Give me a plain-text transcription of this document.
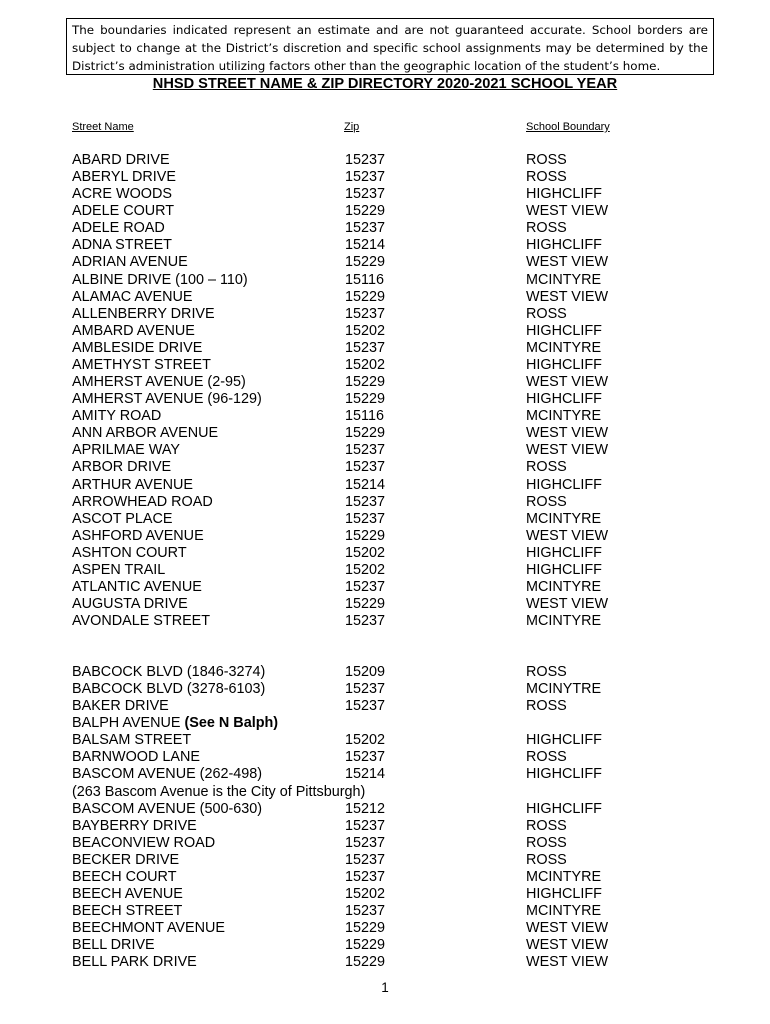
The boundaries indicated represent an estimate and are not guaranteed accurate. School borders are subject to change at the District’s discretion and specific school assignments may be determined by the District’s administration utilizing factors other than the geographic location of the student’s home.
NHSD STREET NAME & ZIP DIRECTORY 2020-2021 SCHOOL YEAR
Street Name	Zip	School Boundary
ABARD DRIVE	15237	ROSS
ABERYL DRIVE	15237	ROSS
ACRE WOODS	15237	HIGHCLIFF
ADELE COURT	15229	WEST VIEW
ADELE ROAD	15237	ROSS
ADNA STREET	15214	HIGHCLIFF
ADRIAN AVENUE	15229	WEST VIEW
ALBINE DRIVE (100 – 110)	15116	MCINTYRE
ALAMAC AVENUE	15229	WEST VIEW
ALLENBERRY DRIVE	15237	ROSS
AMBARD AVENUE	15202	HIGHCLIFF
AMBLESIDE DRIVE	15237	MCINTYRE
AMETHYST STREET	15202	HIGHCLIFF
AMHERST AVENUE (2-95)	15229	WEST VIEW
AMHERST AVENUE (96-129)	15229	HIGHCLIFF
AMITY ROAD	15116	MCINTYRE
ANN ARBOR AVENUE	15229	WEST VIEW
APRILMAE WAY	15237	WEST VIEW
ARBOR DRIVE	15237	ROSS
ARTHUR AVENUE	15214	HIGHCLIFF
ARROWHEAD ROAD	15237	ROSS
ASCOT PLACE	15237	MCINTYRE
ASHFORD AVENUE	15229	WEST VIEW
ASHTON COURT	15202	HIGHCLIFF
ASPEN TRAIL	15202	HIGHCLIFF
ATLANTIC AVENUE	15237	MCINTYRE
AUGUSTA DRIVE	15229	WEST VIEW
AVONDALE STREET	15237	MCINTYRE
BABCOCK BLVD (1846-3274)	15209	ROSS
BABCOCK BLVD (3278-6103)	15237	MCINYTRE
BAKER DRIVE	15237	ROSS
BALPH AVENUE (See N Balph)
BALSAM STREET	15202	HIGHCLIFF
BARNWOOD LANE	15237	ROSS
BASCOM AVENUE (262-498)	15214	HIGHCLIFF
(263 Bascom Avenue is the City of Pittsburgh)
BASCOM AVENUE (500-630)	15212	HIGHCLIFF
BAYBERRY DRIVE	15237	ROSS
BEACONVIEW ROAD	15237	ROSS
BECKER DRIVE	15237	ROSS
BEECH COURT	15237	MCINTYRE
BEECH AVENUE	15202	HIGHCLIFF
BEECH STREET	15237	MCINTYRE
BEECHMONT AVENUE	15229	WEST VIEW
BELL DRIVE	15229	WEST VIEW
BELL PARK DRIVE	15229	WEST VIEW
1
